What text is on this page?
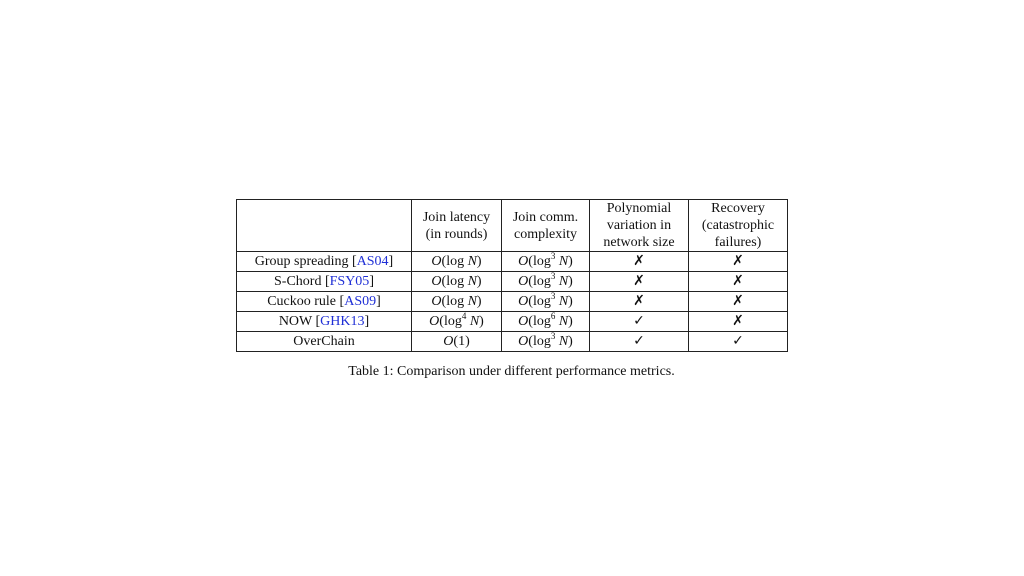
	Join latency (in rounds)	Join comm. complexity	Polynomial variation in network size	Recovery (catastrophic failures)
Group spreading [AS04]	O(log N)	$O(\log^3$ N)	✗	✗
S-Chord [FSY05]	O(log N)	$O(\log^3$ N)	✗	✗
Cuckoo rule [AS09]	O(log N)	$O(\log^3$ N)	✗	✗
NOW [GHK13]	$O(\log^4$ N)	$O(\log^6$ N)	✓	✗
OverChain	O(1)	$O(\log^3$ N)	✓	✓
Table 1: Comparison under different performance metrics.
